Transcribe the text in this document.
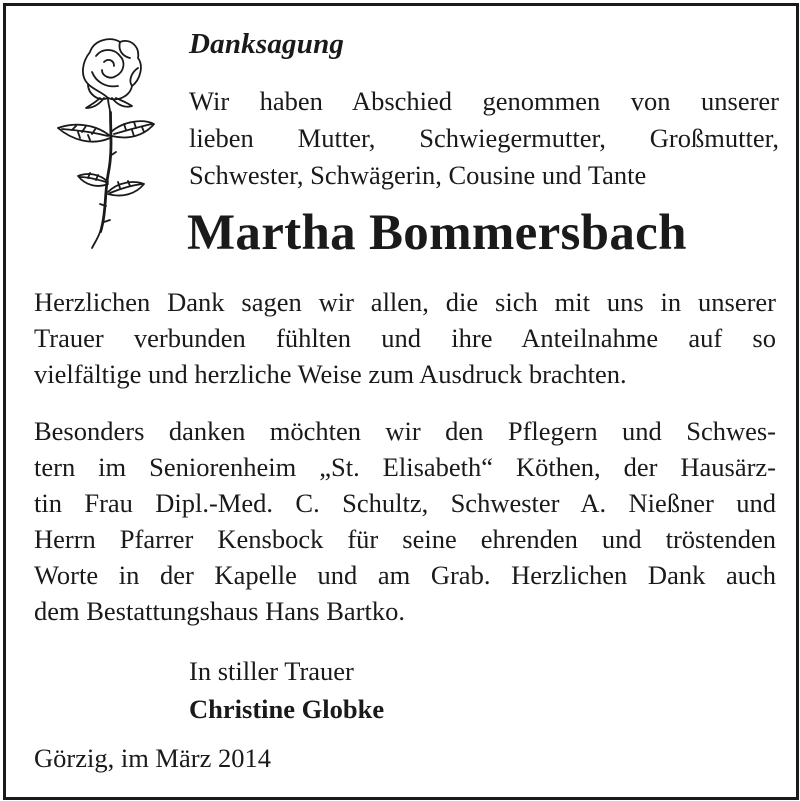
Danksagung
Wir haben Abschied genommen von unserer
lieben Mutter, Schwiegermutter, Großmutter,
Schwester, Schwägerin, Cousine und Tante
Martha Bommersbach
Herzlichen Dank sagen wir allen, die sich mit uns in unserer
Trauer verbunden fühlten und ihre Anteilnahme auf so
vielfältige und herzliche Weise zum Ausdruck brachten.
Besonders danken möchten wir den Pflegern und Schwes-
tern im Seniorenheim „St. Elisabeth“ Köthen, der Hausärz-
tin Frau Dipl.-Med. C. Schultz, Schwester A. Nießner und
Herrn Pfarrer Kensbock für seine ehrenden und tröstenden
Worte in der Kapelle und am Grab. Herzlichen Dank auch
dem Bestattungshaus Hans Bartko.
In stiller Trauer
Christine Globke
Görzig, im März 2014
